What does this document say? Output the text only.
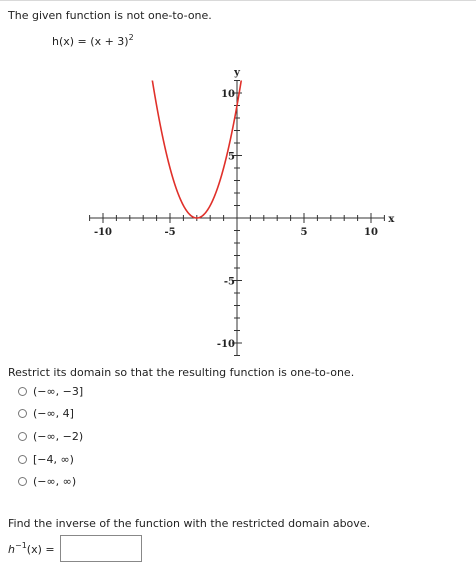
The given function is not one-to-one.
$h(x) = (x + 3)^2$
-10	-5	5	10
10
5
-5
-10
x
y
Restrict its domain so that the resulting function is one-to-one.
(−∞, −3]
(−∞, 4]
(−∞, −2)
[−4, ∞)
(−∞, ∞)
Find the inverse of the function with the restricted domain above.
$h^{-1}(x)$ =
